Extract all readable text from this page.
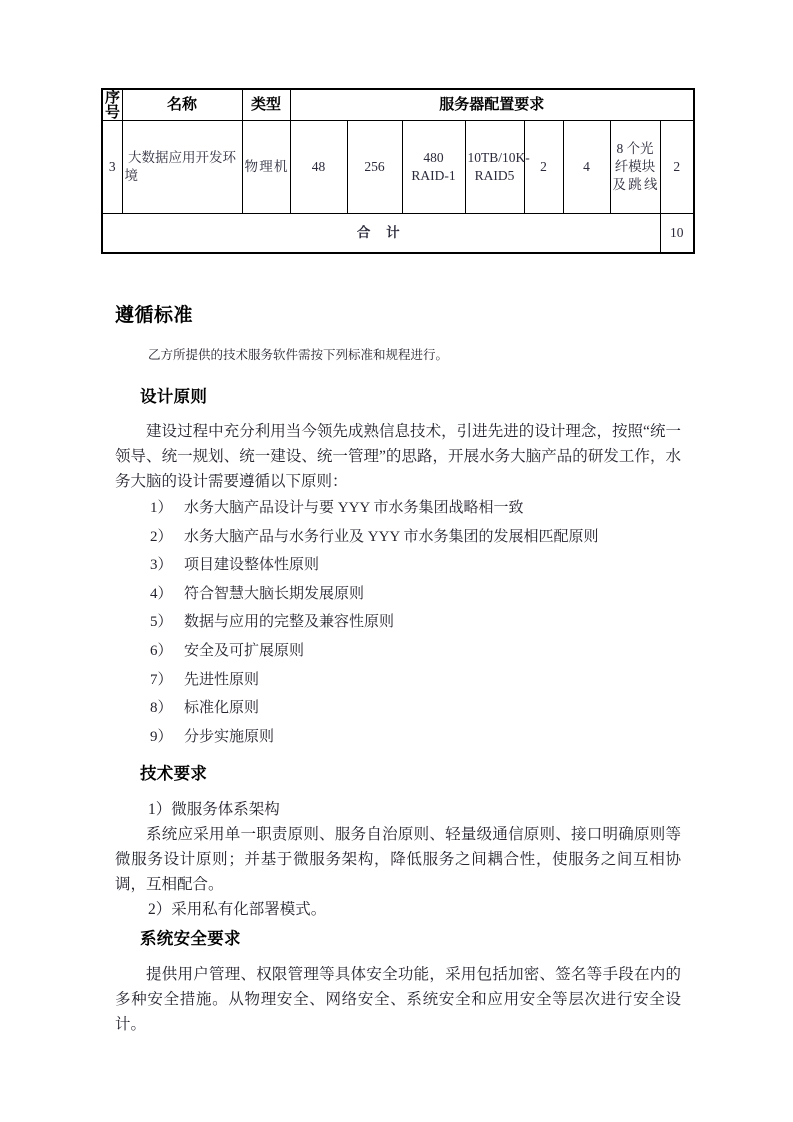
序
号	名称	类型	服务器配置要求							
3	大数据应用开发环境	物理机	48	256	480 RAID-1	10TB/10K-RAID5	2	4	8 个光纤模块及跳线	2
合 计										10
遵循标准
乙方所提供的技术服务软件需按下列标准和规程进行。
设计原则
建设过程中充分利用当今领先成熟信息技术，引进先进的设计理念，按照“统一领导、统一规划、统一建设、统一管理”的思路，开展水务大脑产品的研发工作，水务大脑的设计需要遵循以下原则：
1） 水务大脑产品设计与要 YYY 市水务集团战略相一致
2） 水务大脑产品与水务行业及 YYY 市水务集团的发展相匹配原则
3） 项目建设整体性原则
4） 符合智慧大脑长期发展原则
5） 数据与应用的完整及兼容性原则
6） 安全及可扩展原则
7） 先进性原则
8） 标准化原则
9） 分步实施原则
技术要求
1）微服务体系架构
系统应采用单一职责原则、服务自治原则、轻量级通信原则、接口明确原则等微服务设计原则；并基于微服务架构，降低服务之间耦合性，使服务之间互相协调，互相配合。
2）采用私有化部署模式。
系统安全要求
提供用户管理、权限管理等具体安全功能，采用包括加密、签名等手段在内的多种安全措施。从物理安全、网络安全、系统安全和应用安全等层次进行安全设计。
